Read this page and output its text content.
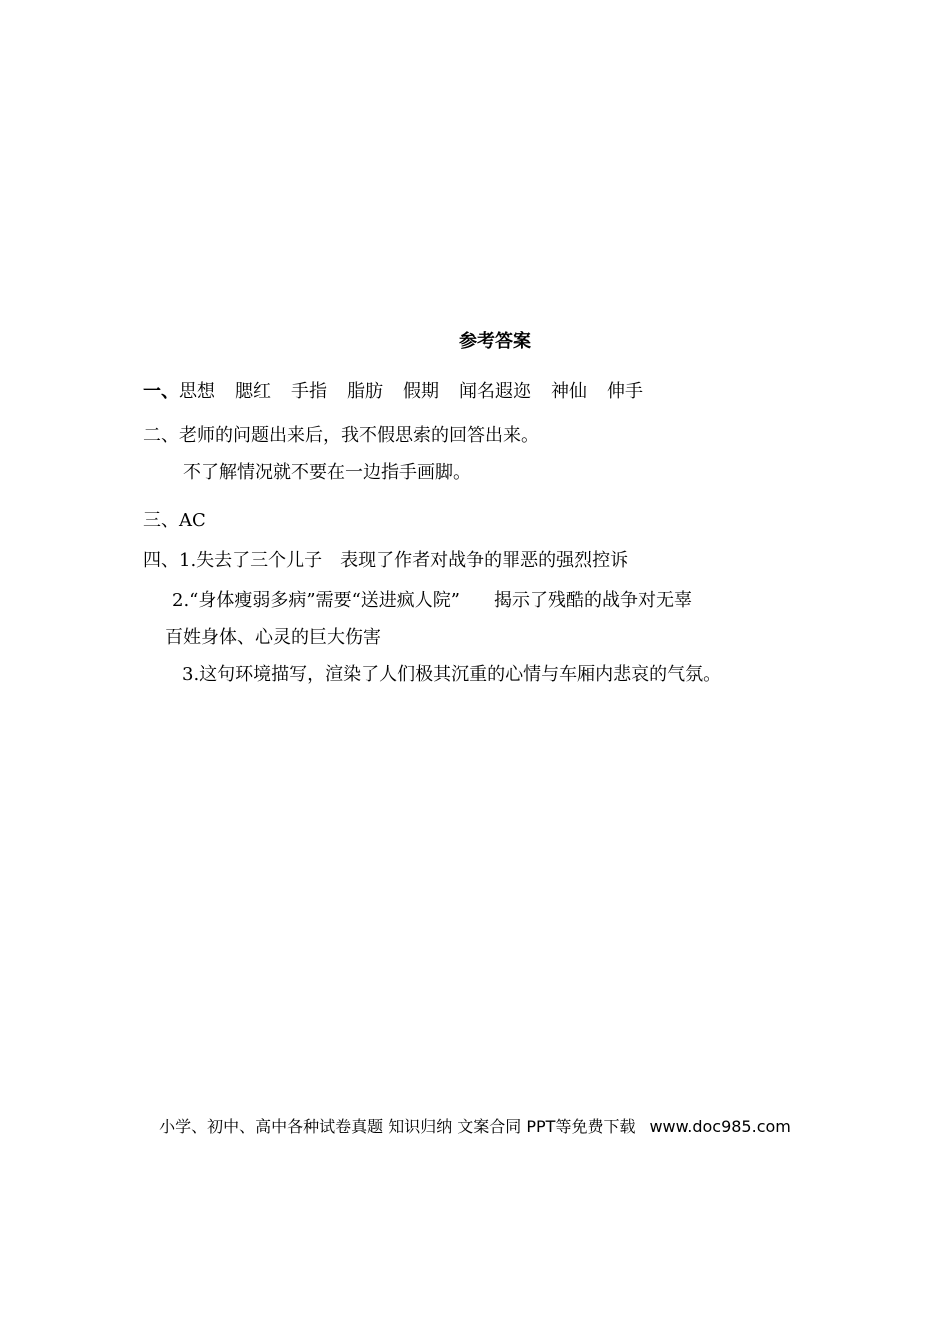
参考答案
一、思想 腮红 手指 脂肪 假期 闻名遐迩 神仙 伸手
二、老师的问题出来后，我不假思索的回答出来。
不了解情况就不要在一边指手画脚。
三、AC
四、1.失去了三个儿子　表现了作者对战争的罪恶的强烈控诉
2.“身体瘦弱多病”需要“送进疯人院” 揭示了残酷的战争对无辜
百姓身体、心灵的巨大伤害
3.这句环境描写，渲染了人们极其沉重的心情与车厢内悲哀的气氛。
小学、初中、高中各种试卷真题 知识归纳 文案合同 PPT等免费下载 www.doc985.com
